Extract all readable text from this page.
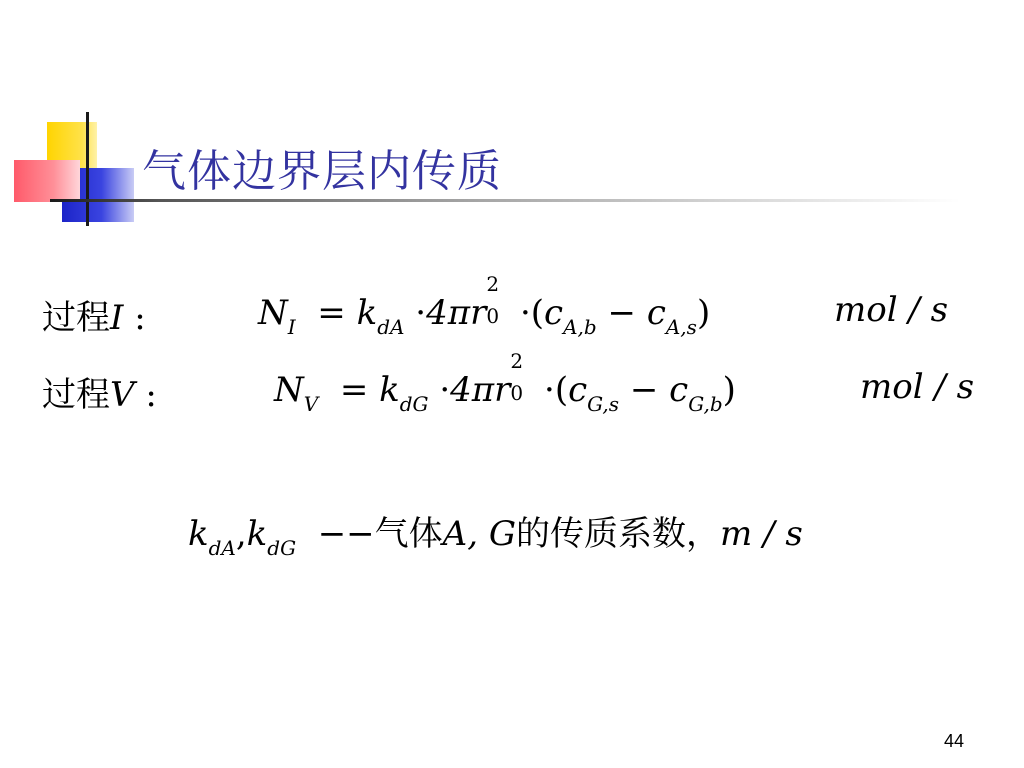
气体边界层内传质
过程I :	$N_I = k_{dA} \cdot 4\pi r$
2
$0 \cdot(c_{A,b} - c_{A,s})$	mol / s
过程V :	$N_V = k_{dG} \cdot 4\pi r$
2
$0 \cdot(c_{G,s} - c_{G,b})$	mol / s
$k_{dA},k_{dG}$ −−气体A, G的传质系数，m / s
44
